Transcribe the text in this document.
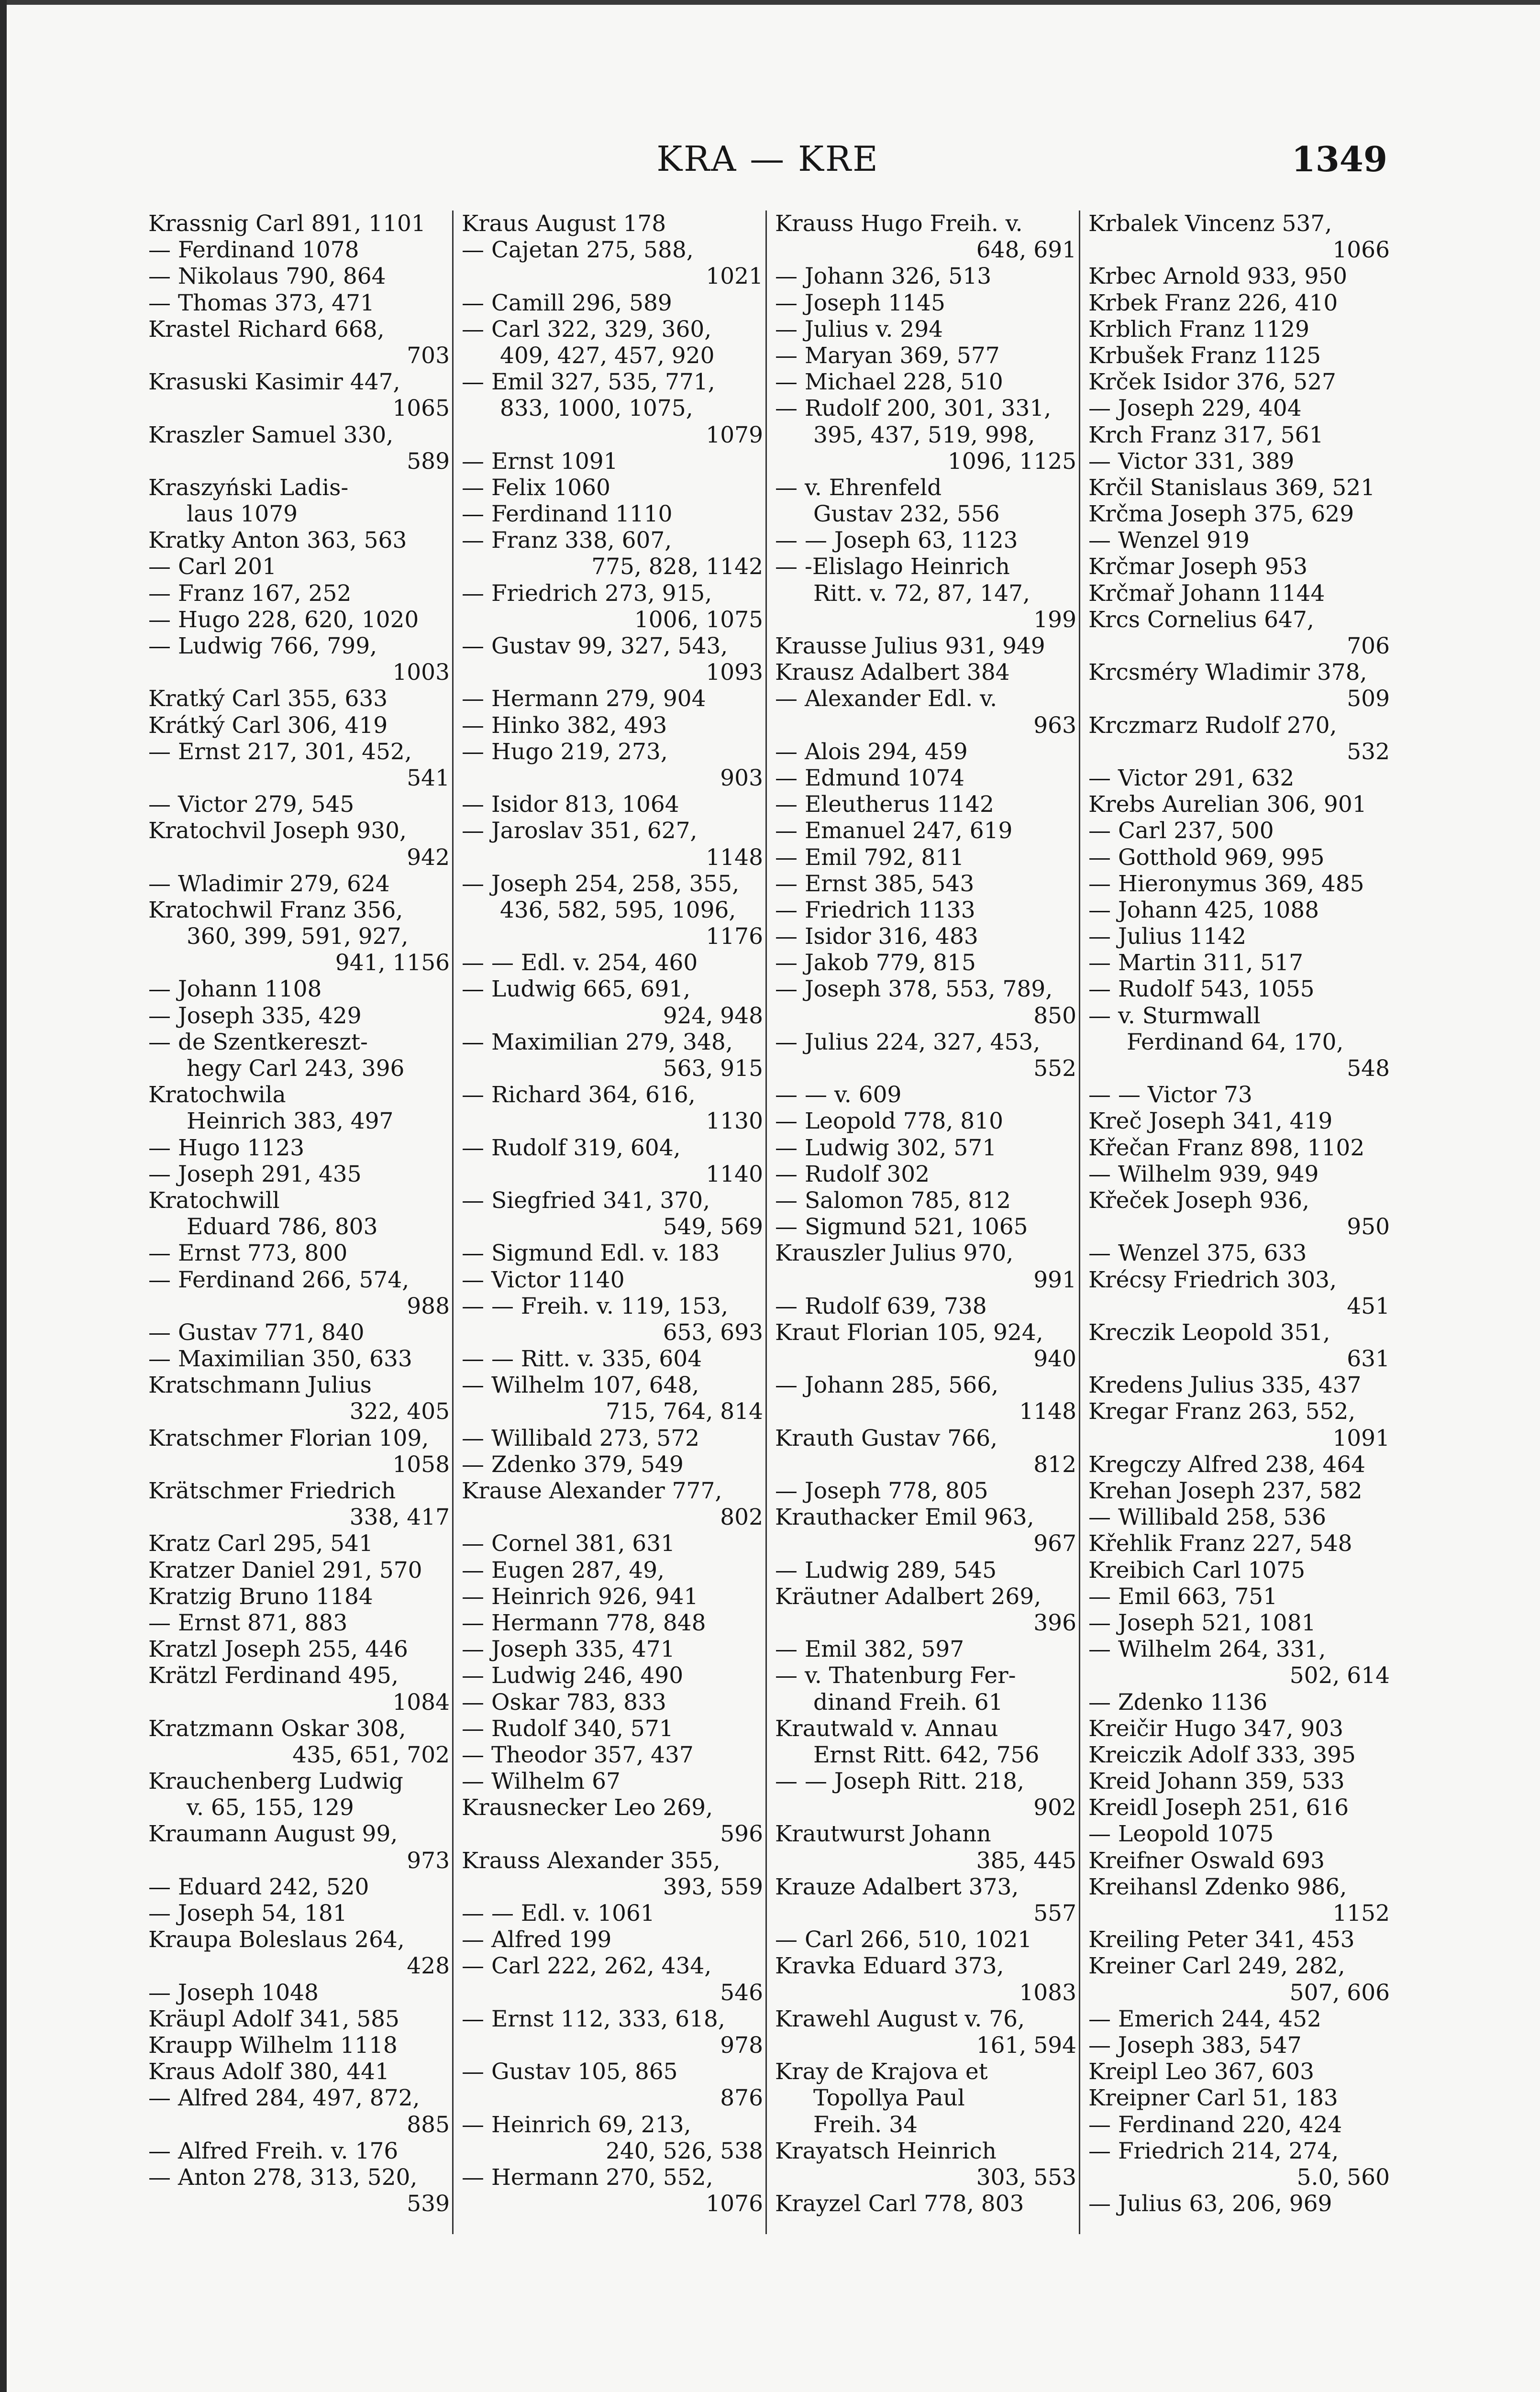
KRA — KRE	1349
Krassnig Carl 891, 1101
— Ferdinand 1078
— Nikolaus 790, 864
— Thomas 373, 471
Krastel Richard 668,
703
Krasuski Kasimir 447,
1065
Kraszler Samuel 330,
589
Kraszyński Ladis-
laus 1079
Kratky Anton 363, 563
— Carl 201
— Franz 167, 252
— Hugo 228, 620, 1020
— Ludwig 766, 799,
1003
Kratký Carl 355, 633
Krátký Carl 306, 419
— Ernst 217, 301, 452,
541
— Victor 279, 545
Kratochvil Joseph 930,
942
— Wladimir 279, 624
Kratochwil Franz 356,
360, 399, 591, 927,
941, 1156
— Johann 1108
— Joseph 335, 429
— de Szentkereszt-
hegy Carl 243, 396
Kratochwila
Heinrich 383, 497
— Hugo 1123
— Joseph 291, 435
Kratochwill
Eduard 786, 803
— Ernst 773, 800
— Ferdinand 266, 574,
988
— Gustav 771, 840
— Maximilian 350, 633
Kratschmann Julius
322, 405
Kratschmer Florian 109,
1058
Krätschmer Friedrich
338, 417
Kratz Carl 295, 541
Kratzer Daniel 291, 570
Kratzig Bruno 1184
— Ernst 871, 883
Kratzl Joseph 255, 446
Krätzl Ferdinand 495,
1084
Kratzmann Oskar 308,
435, 651, 702
Krauchenberg Ludwig
v. 65, 155, 129
Kraumann August 99,
973
— Eduard 242, 520
— Joseph 54, 181
Kraupa Boleslaus 264,
428
— Joseph 1048
Kräupl Adolf 341, 585
Kraupp Wilhelm 1118
Kraus Adolf 380, 441
— Alfred 284, 497, 872,
885
— Alfred Freih. v. 176
— Anton 278, 313, 520,
539
Kraus August 178
— Cajetan 275, 588,
1021
— Camill 296, 589
— Carl 322, 329, 360,
409, 427, 457, 920
— Emil 327, 535, 771,
833, 1000, 1075,
1079
— Ernst 1091
— Felix 1060
— Ferdinand 1110
— Franz 338, 607,
775, 828, 1142
— Friedrich 273, 915,
1006, 1075
— Gustav 99, 327, 543,
1093
— Hermann 279, 904
— Hinko 382, 493
— Hugo 219, 273,
903
— Isidor 813, 1064
— Jaroslav 351, 627,
1148
— Joseph 254, 258, 355,
436, 582, 595, 1096,
1176
— — Edl. v. 254, 460
— Ludwig 665, 691,
924, 948
— Maximilian 279, 348,
563, 915
— Richard 364, 616,
1130
— Rudolf 319, 604,
1140
— Siegfried 341, 370,
549, 569
— Sigmund Edl. v. 183
— Victor 1140
— — Freih. v. 119, 153,
653, 693
— — Ritt. v. 335, 604
— Wilhelm 107, 648,
715, 764, 814
— Willibald 273, 572
— Zdenko 379, 549
Krause Alexander 777,
802
— Cornel 381, 631
— Eugen 287, 49,
— Heinrich 926, 941
— Hermann 778, 848
— Joseph 335, 471
— Ludwig 246, 490
— Oskar 783, 833
— Rudolf 340, 571
— Theodor 357, 437
— Wilhelm 67
Krausnecker Leo 269,
596
Krauss Alexander 355,
393, 559
— — Edl. v. 1061
— Alfred 199
— Carl 222, 262, 434,
546
— Ernst 112, 333, 618,
978
— Gustav 105, 865
876
— Heinrich 69, 213,
240, 526, 538
— Hermann 270, 552,
1076
Krauss Hugo Freih. v.
648, 691
— Johann 326, 513
— Joseph 1145
— Julius v. 294
— Maryan 369, 577
— Michael 228, 510
— Rudolf 200, 301, 331,
395, 437, 519, 998,
1096, 1125
— v. Ehrenfeld
Gustav 232, 556
— — Joseph 63, 1123
— -Elislago Heinrich
Ritt. v. 72, 87, 147,
199
Krausse Julius 931, 949
Krausz Adalbert 384
— Alexander Edl. v.
963
— Alois 294, 459
— Edmund 1074
— Eleutherus 1142
— Emanuel 247, 619
— Emil 792, 811
— Ernst 385, 543
— Friedrich 1133
— Isidor 316, 483
— Jakob 779, 815
— Joseph 378, 553, 789,
850
— Julius 224, 327, 453,
552
— — v. 609
— Leopold 778, 810
— Ludwig 302, 571
— Rudolf 302
— Salomon 785, 812
— Sigmund 521, 1065
Krauszler Julius 970,
991
— Rudolf 639, 738
Kraut Florian 105, 924,
940
— Johann 285, 566,
1148
Krauth Gustav 766,
812
— Joseph 778, 805
Krauthacker Emil 963,
967
— Ludwig 289, 545
Kräutner Adalbert 269,
396
— Emil 382, 597
— v. Thatenburg Fer-
dinand Freih. 61
Krautwald v. Annau
Ernst Ritt. 642, 756
— — Joseph Ritt. 218,
902
Krautwurst Johann
385, 445
Krauze Adalbert 373,
557
— Carl 266, 510, 1021
Kravka Eduard 373,
1083
Krawehl August v. 76,
161, 594
Kray de Krajova et
Topollya Paul
Freih. 34
Krayatsch Heinrich
303, 553
Krayzel Carl 778, 803
Krbalek Vincenz 537,
1066
Krbec Arnold 933, 950
Krbek Franz 226, 410
Krblich Franz 1129
Krbušek Franz 1125
Krček Isidor 376, 527
— Joseph 229, 404
Krch Franz 317, 561
— Victor 331, 389
Krčil Stanislaus 369, 521
Krčma Joseph 375, 629
— Wenzel 919
Krčmar Joseph 953
Krčmař Johann 1144
Krcs Cornelius 647,
706
Krcsméry Wladimir 378,
509
Krczmarz Rudolf 270,
532
— Victor 291, 632
Krebs Aurelian 306, 901
— Carl 237, 500
— Gotthold 969, 995
— Hieronymus 369, 485
— Johann 425, 1088
— Julius 1142
— Martin 311, 517
— Rudolf 543, 1055
— v. Sturmwall
Ferdinand 64, 170,
548
— — Victor 73
Kreč Joseph 341, 419
Křečan Franz 898, 1102
— Wilhelm 939, 949
Křeček Joseph 936,
950
— Wenzel 375, 633
Krécsy Friedrich 303,
451
Kreczik Leopold 351,
631
Kredens Julius 335, 437
Kregar Franz 263, 552,
1091
Kregczy Alfred 238, 464
Krehan Joseph 237, 582
— Willibald 258, 536
Křehlik Franz 227, 548
Kreibich Carl 1075
— Emil 663, 751
— Joseph 521, 1081
— Wilhelm 264, 331,
502, 614
— Zdenko 1136
Kreičir Hugo 347, 903
Kreiczik Adolf 333, 395
Kreid Johann 359, 533
Kreidl Joseph 251, 616
— Leopold 1075
Kreifner Oswald 693
Kreihansl Zdenko 986,
1152
Kreiling Peter 341, 453
Kreiner Carl 249, 282,
507, 606
— Emerich 244, 452
— Joseph 383, 547
Kreipl Leo 367, 603
Kreipner Carl 51, 183
— Ferdinand 220, 424
— Friedrich 214, 274,
5.0, 560
— Julius 63, 206, 969
